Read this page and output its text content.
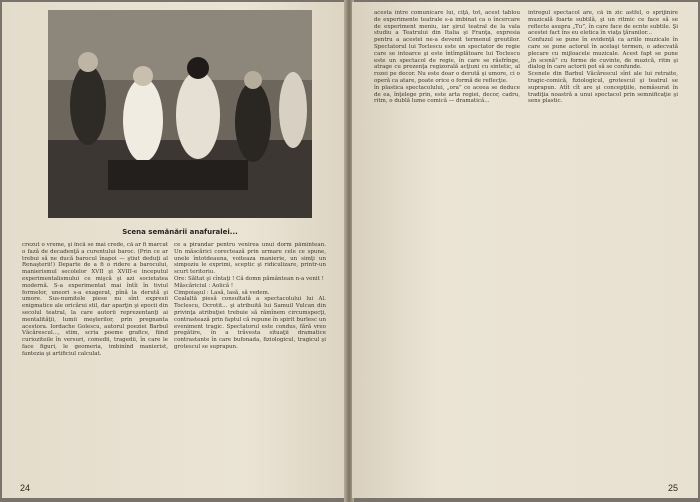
Scena semănării anafuralei...
crezut o vreme, şi încă se mai crede, că ar fi marcat o fază de decadenţă a curentului baroc. (Prin ce ar trebui să ne ducă barocul înapoi — ştiut deduţi al Renaşterii!) Departe de a fi o ridere a barocului, manierismul secolelor XVII şi XVIII-e inceputul experimentalismului ce mişcă şi azi societatea modernă. S-a experimentat mai întîi în tiviul formelor, uneori s-a exagerat, pînă la derută şi umore. Sus-numitele piese nu sînt expresii enigmatice ale oricărui stil, dar aparţin şi epocii din secolul teatral, la care autorii reprezentanţi ai mentalităţii, lumii meşterilor, prin pregnanta acestora. Iordache Golescu, autorul poeziei Barbul Văcărescul..., stim, scria poeme grafice, fiind curioziteile în versuri, comedii, tragedii, în care le face figuri, le geomeria, imbinînd manierist, fantezia şi artificiul calculat.
ce a pirandar pentru venirea unui dorm pămîntean. Un măscărici corectează prin urmare cele ce spune, unele întotdeauna, voiteaza manierie, un simţi un simpoziu le exprimi, sceptic şi ridiculizare, printr-un scurt teritoriu.
Ore: Săltat şi cîntaţi ! Că domn pământean n-a venit !
Măscăriciul : Aolică !
Cimpoiaşul : Lasă, lasă, să vedem.
Cealaltă piesă consultată a spectacolului lui Al. Toclescu, Ocrotit... şi atribuită lui Samuil Vulcan din privinţa atribuţiei trebuie să rămînem circumspecţi, contrastează prin faptul că repune în spirit burlesc un eveniment tragic. Spectatorul este condus, fără vreo pregătire, în a trăvesta situaţii dramatice contrastante în care bufonada, fiziologicul, tragicul şi grotescul se suprapun.
24
acesta intre comunicare lui, ciţă, tot, acest tablou de experimente teatrale s-a imbinat ca o încercare de experiment meniu, iar şirul teatral de la vala studiu a Teatrului din Italia şi Franţa, expresia pentru a acestei ne-a devenit termenul greutilor. Spectatorul lui Toclescu este un spectator de regie care se intoarce şi este întîmplătoare lui Toclescu este un spectacol de regie, în care se răsfrînge, atrage cu prezenţa regizorală acţiuni cu sintetic, al rozei pe decor. Nu este doar o derută şi umore, ci o operă ca atare, poate orice o formă de reflecţie.
în plastica spectacolului, „ora” ce aceea se deduce de ea, înţelege prin, este arta regiei, decor, cadru, ritm, o dublă lume comică — dramatică...
întregul spectacol are, că în zic astfel, o sprijinire muzicală foarte subtilă, şi un ritmic ce face să se reflecte asupra „Tu”, în care face de ecnte subtile. Şi acestei fact îns eu eletica în viaţa ţăranilor...
Confuzul se pune în evidenţă ca ariile muzicale în care se pune actorul în acelaşi termen, o adecvată plecare cu mijloacele muzicale. Acest fapt se pune „în scenă” cu forme de cuvinte, de muzică, ritm şi dialog în care actorii pot să se confunde.
Scenele din Barbul Văcărescul sînt ale lui retraite, tragic-comică, fiziologicul, grotescul şi teatrul se suprapun. Atît cît are şi concepţiile, nemâsurat în tradiţia noastră a unui spectacol prin semnificaţie şi sens plastic.
25
